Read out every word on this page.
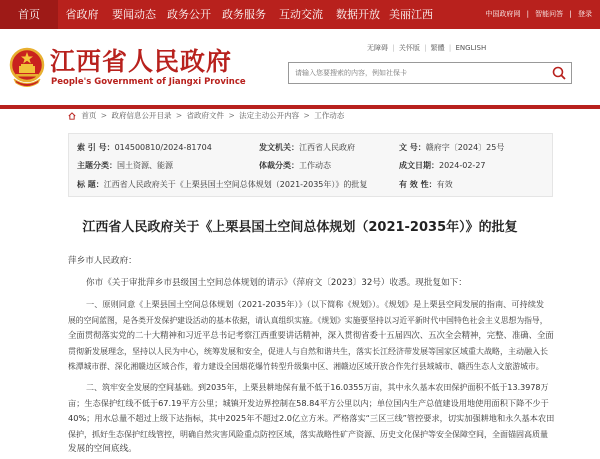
首页	省政府	要闻动态	政务公开	政务服务	互动交流	数据开放 美丽江西	中国政府网 | 智能问答 | 登录
江西省人民政府
People's Government of Jiangxi Province
无障碍 | 关怀版 | 繁體 | ENGLISH
请输入您要搜索的内容，例如社保卡
首页 > 政府信息公开目录 > 省政府文件 > 法定主动公开内容 > 工作动态
索 引 号：014500810/2024-81704	发文机关：江西省人民政府	文 号：赣府字〔2024〕25号
主题分类：国土资源、能源	体裁分类：工作动态	成文日期：2024-02-27
标 题：江西省人民政府关于《上栗县国土空间总体规划（2021-2035年）》的批复	有 效 性：有效
江西省人民政府关于《上栗县国土空间总体规划（2021-2035年）》的批复
萍乡市人民政府：
你市《关于审批萍乡市县级国土空间总体规划的请示》（萍府文〔2023〕32号）收悉。现批复如下：
一、原则同意《上栗县国土空间总体规划（2021-2035年）》（以下简称《规划》）。《规划》是上栗县空间发展的指南、可持续发
展的空间蓝图，是各类开发保护建设活动的基本依据，请认真组织实施。《规划》实施要坚持以习近平新时代中国特色社会主义思想为指导，
全面贯彻落实党的二十大精神和习近平总书记考察江西重要讲话精神，深入贯彻省委十五届四次、五次全会精神，完整、准确、全面
贯彻新发展理念，坚持以人民为中心，统筹发展和安全，促进人与自然和谐共生，落实长江经济带发展等国家区域重大战略，主动融入长
株潭城市群、深化湘赣边区域合作，着力建设全国烟花爆竹转型升级集中区、湘赣边区域开放合作先行县域城市、赣西生态人文旅游城市。
二、筑牢安全发展的空间基础。到2035年，上栗县耕地保有量不低于16.0355万亩，其中永久基本农田保护面积不低于13.3978万
亩；生态保护红线不低于67.19平方公里；城镇开发边界控制在58.84平方公里以内；单位国内生产总值建设用地使用面积下降不少于
40%；用水总量不超过上级下达指标，其中2025年不超过2.0亿立方米。严格落实“三区三线”管控要求，切实加强耕地和永久基本农田
保护，抓好生态保护红线管控，明确自然灾害风险重点防控区域，落实战略性矿产资源、历史文化保护等安全保障空间，全面锚固高质量
发展的空间底线。
